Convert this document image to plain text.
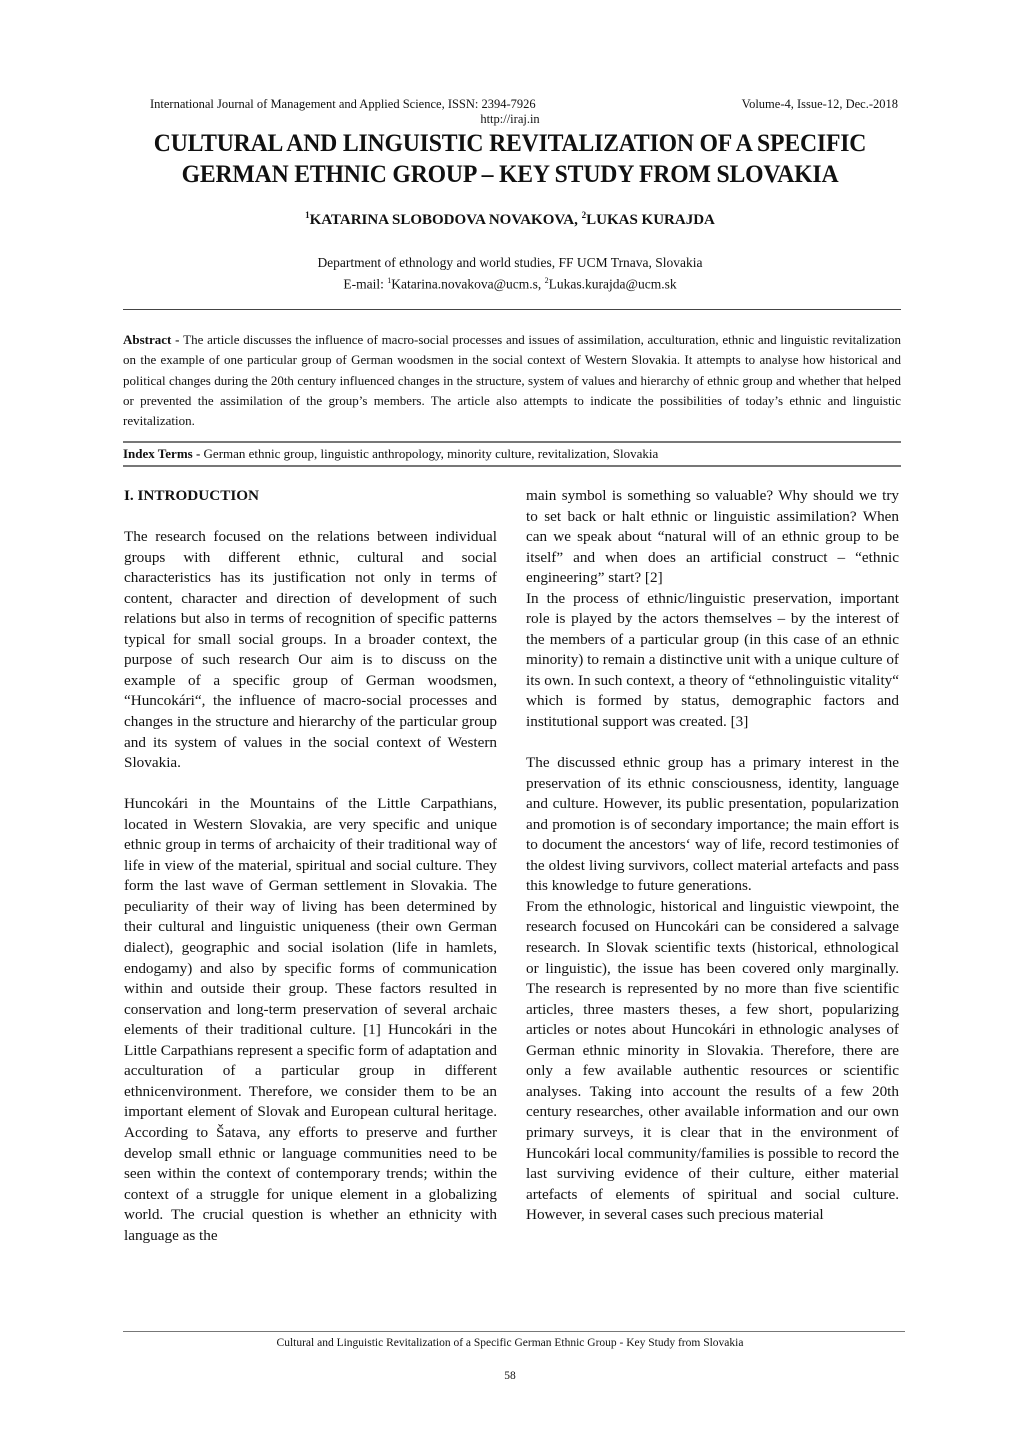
International Journal of Management and Applied Science, ISSN: 2394-7926	Volume-4, Issue-12, Dec.-2018
http://iraj.in
CULTURAL AND LINGUISTIC REVITALIZATION OF A SPECIFIC
GERMAN ETHNIC GROUP – KEY STUDY FROM SLOVAKIA
$^1$KATARINA SLOBODOVA NOVAKOVA, $^2$LUKAS KURAJDA
Department of ethnology and world studies, FF UCM Trnava, Slovakia
E-mail: $^1$Katarina.novakova@ucm.s, $^2$Lukas.kurajda@ucm.sk
Abstract - The article discusses the influence of macro-social processes and issues of assimilation, acculturation, ethnic and linguistic revitalization on the example of one particular group of German woodsmen in the social context of Western Slovakia. It attempts to analyse how historical and political changes during the 20th century influenced changes in the structure, system of values and hierarchy of ethnic group and whether that helped or prevented the assimilation of the group’s members. The article also attempts to indicate the possibilities of today’s ethnic and linguistic revitalization.
Index Terms - German ethnic group, linguistic anthropology, minority culture, revitalization, Slovakia

I. INTRODUCTION

The research focused on the relations between individual groups with different ethnic, cultural and social characteristics has its justification not only in terms of content, character and direction of development of such relations but also in terms of recognition of specific patterns typical for small social groups. In a broader context, the purpose of such research Our aim is to discuss on the example of a specific group of German woodsmen, “Huncokári“, the influence of macro-social processes and changes in the structure and hierarchy of the particular group and its system of values in the social context of Western Slovakia.

Huncokári in the Mountains of the Little Carpathians, located in Western Slovakia, are very specific and unique ethnic group in terms of archaicity of their traditional way of life in view of the material, spiritual and social culture. They form the last wave of German settlement in Slovakia. The peculiarity of their way of living has been determined by their cultural and linguistic uniqueness (their own German dialect), geographic and social isolation (life in hamlets, endogamy) and also by specific forms of communication within and outside their group. These factors resulted in conservation and long-term preservation of several archaic elements of their traditional culture. [1] Huncokári in the Little Carpathians represent a specific form of adaptation and acculturation of a particular group in different ethnicenvironment. Therefore, we consider them to be an important element of Slovak and European cultural heritage. According to Šatava, any efforts to preserve and further develop small ethnic or language communities need to be seen within the context of contemporary trends; within the context of a struggle for unique element in a globalizing world. The crucial question is whether an ethnicity with language as the

main symbol is something so valuable? Why should we try to set back or halt ethnic or linguistic assimilation? When can we speak about “natural will of an ethnic group to be itself” and when does an artificial construct – “ethnic engineering” start? [2]

In the process of ethnic/linguistic preservation, important role is played by the actors themselves – by the interest of the members of a particular group (in this case of an ethnic minority) to remain a distinctive unit with a unique culture of its own. In such context, a theory of “ethnolinguistic vitality“ which is formed by status, demographic factors and institutional support was created. [3]

The discussed ethnic group has a primary interest in the preservation of its ethnic consciousness, identity, language and culture. However, its public presentation, popularization and promotion is of secondary importance; the main effort is to document the ancestors‘ way of life, record testimonies of the oldest living survivors, collect material artefacts and pass this knowledge to future generations.

From the ethnologic, historical and linguistic viewpoint, the research focused on Huncokári can be considered a salvage research. In Slovak scientific texts (historical, ethnological or linguistic), the issue has been covered only marginally. The research is represented by no more than five scientific articles, three masters theses, a few short, popularizing articles or notes about Huncokári in ethnologic analyses of German ethnic minority in Slovakia. Therefore, there are only a few available authentic resources or scientific analyses. Taking into account the results of a few 20th century researches, other available information and our own primary surveys, it is clear that in the environment of Huncokári local community/families is possible to record the last surviving evidence of their culture, either material artefacts of elements of spiritual and social culture. However, in several cases such precious material

Cultural and Linguistic Revitalization of a Specific German Ethnic Group - Key Study from Slovakia
58
